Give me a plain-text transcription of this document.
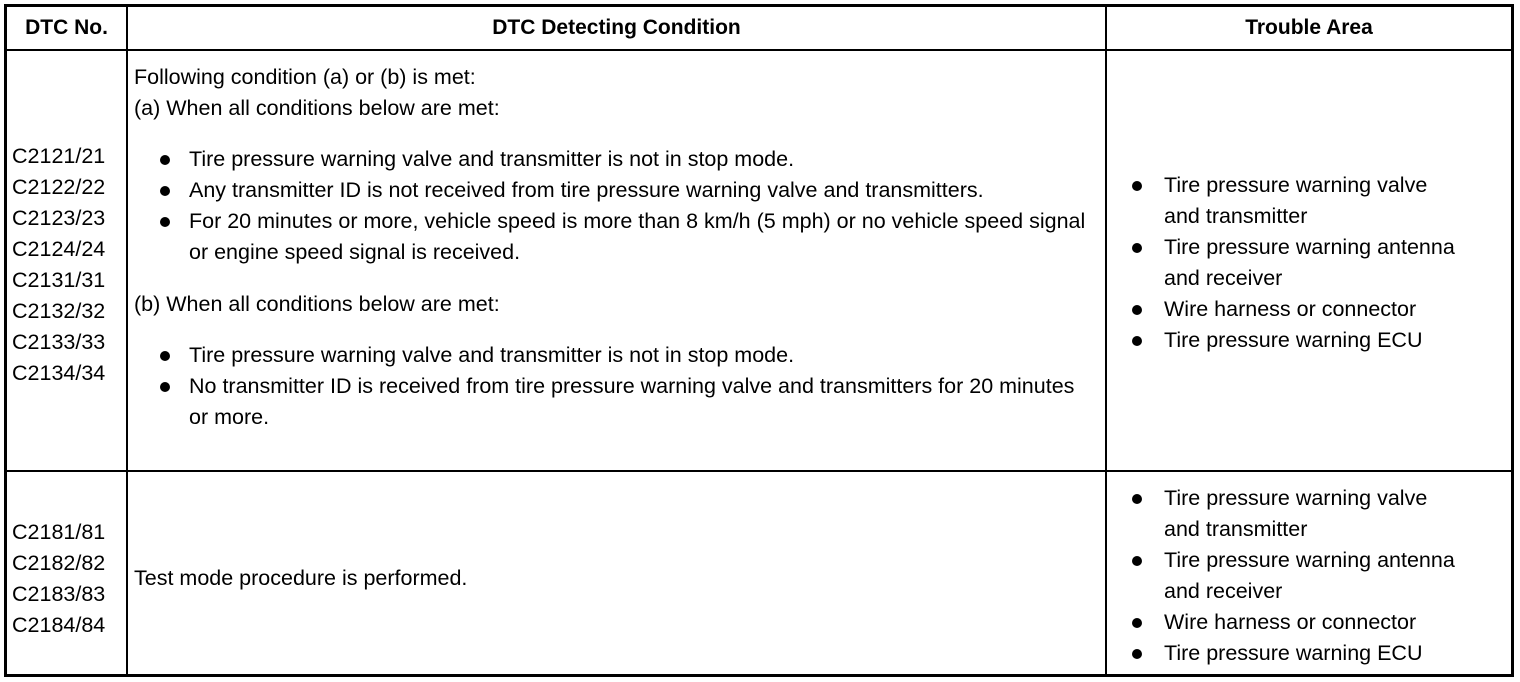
DTC No.	DTC Detecting Condition	Trouble Area
C2121/21
C2122/22
C2123/23
C2124/24
C2131/31
C2132/32
C2133/33
C2134/34
Following condition (a) or (b) is met:
(a) When all conditions below are met:
Tire pressure warning valve and transmitter is not in stop mode.
Any transmitter ID is not received from tire pressure warning valve and transmitters.
For 20 minutes or more, vehicle speed is more than 8 km/h (5 mph) or no vehicle speed signal or engine speed signal is received.
(b) When all conditions below are met:
Tire pressure warning valve and transmitter is not in stop mode.
No transmitter ID is received from tire pressure warning valve and transmitters for 20 minutes or more.
Tire pressure warning valve and transmitter
Tire pressure warning antenna and receiver
Wire harness or connector
Tire pressure warning ECU
C2181/81
C2182/82
C2183/83
C2184/84
Test mode procedure is performed.
Tire pressure warning valve and transmitter
Tire pressure warning antenna and receiver
Wire harness or connector
Tire pressure warning ECU
